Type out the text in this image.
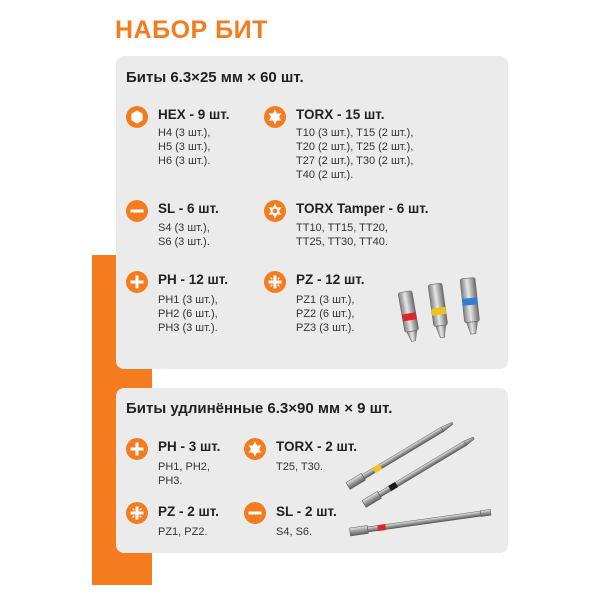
НАБОР БИТ
Биты 6.3×25 мм × 60 шт.
HEX - 9 шт.
H4 (3 шт.),
H5 (3 шт.),
H6 (3 шт.).
TORX - 15 шт.
T10 (3 шт.), T15 (2 шт.),
T20 (2 шт.), T25 (2 шт.),
T27 (2 шт.), T30 (2 шт.),
T40 (2 шт.).
SL - 6 шт.
S4 (3 шт.),
S6 (3 шт.).
TORX Tamper - 6 шт.
TT10, TT15, TT20,
TT25, TT30, TT40.
PH - 12 шт.
PH1 (3 шт.),
PH2 (6 шт.),
PH3 (3 шт.).
PZ - 12 шт.
PZ1 (3 шт.),
PZ2 (6 шт.),
PZ3 (3 шт.).
Биты удлинённые 6.3×90 мм × 9 шт.
PH - 3 шт.
PH1, PH2,
PH3.
TORX - 2 шт.
T25, T30.
PZ - 2 шт.
PZ1, PZ2.
SL - 2 шт.
S4, S6.
